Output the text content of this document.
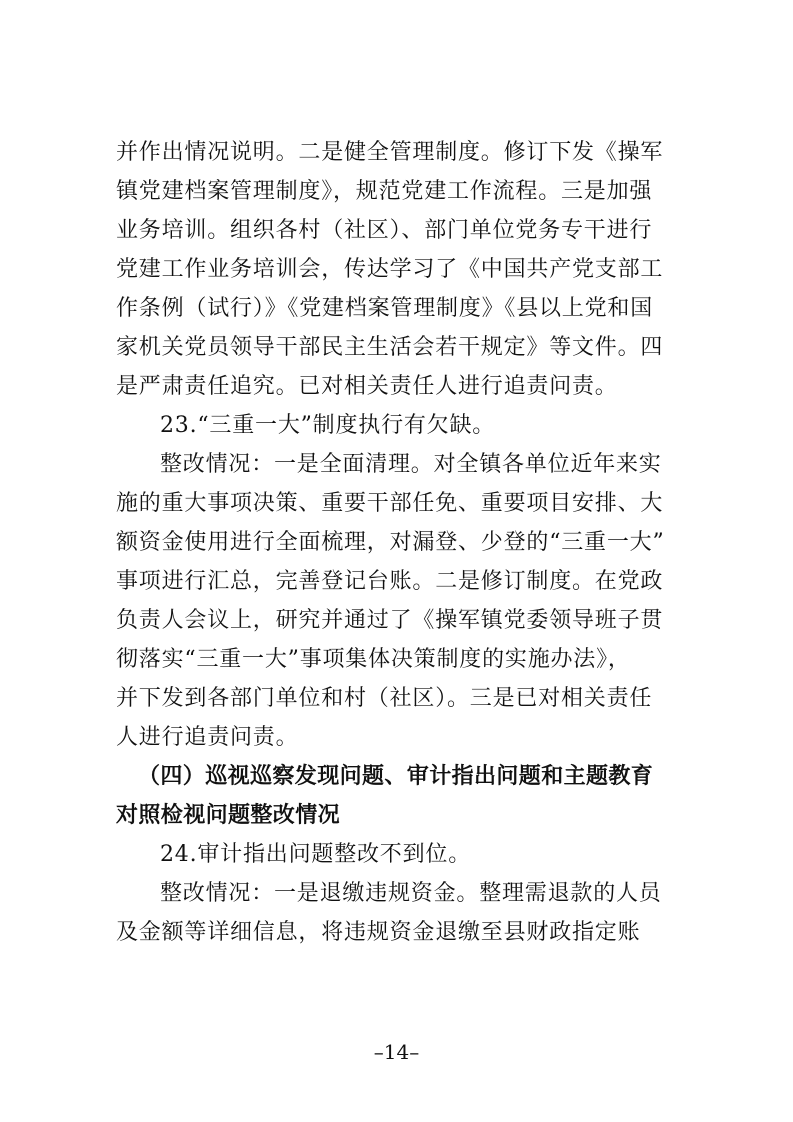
并作出情况说明。二是健全管理制度。修订下发《操军
镇党建档案管理制度》，规范党建工作流程。三是加强
业务培训。组织各村（社区）、部门单位党务专干进行
党建工作业务培训会，传达学习了《中国共产党支部工
作条例（试行）》《党建档案管理制度》《县以上党和国
家机关党员领导干部民主生活会若干规定》等文件。四
是严肃责任追究。已对相关责任人进行追责问责。
23.“三重一大”制度执行有欠缺。
整改情况：一是全面清理。对全镇各单位近年来实
施的重大事项决策、重要干部任免、重要项目安排、大
额资金使用进行全面梳理，对漏登、少登的“三重一大”
事项进行汇总，完善登记台账。二是修订制度。在党政
负责人会议上，研究并通过了《操军镇党委领导班子贯
彻落实“三重一大”事项集体决策制度的实施办法》，
并下发到各部门单位和村（社区）。三是已对相关责任
人进行追责问责。
（四）巡视巡察发现问题、审计指出问题和主题教育
对照检视问题整改情况
24.审计指出问题整改不到位。
整改情况：一是退缴违规资金。整理需退款的人员
及金额等详细信息，将违规资金退缴至县财政指定账
–14–
